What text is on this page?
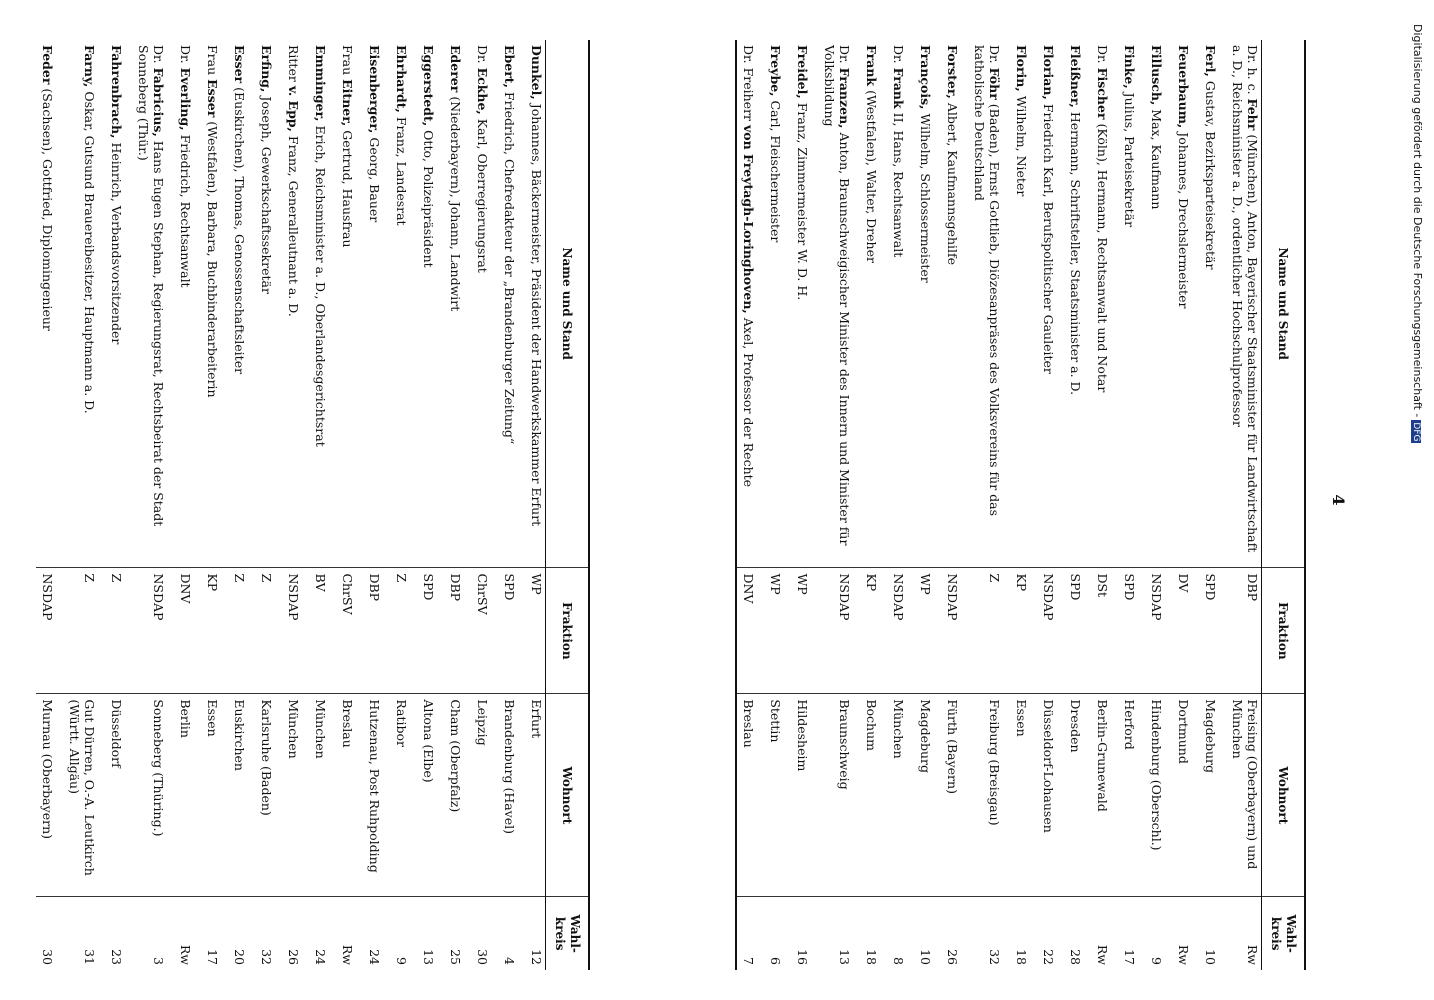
Digitalisierung gefördert durch die Deutsche Forschungsgemeinschaft -DFG
4
Name und Stand	Fraktion	Wohnort	Wahl-kreis
Dr. h. c. Fehr (München), Anton, Bayerischer Staatsminister für Landwirtschaft a. D., Reichsminister a. D., ordentlicher Hochschulprofessor	DBP	Freising (Oberbayern) und München	Rw
Ferl, Gustav, Bezirksparteisekretär	SPD	Magdeburg	10
Feuerbaum, Johannes, Drechslermeister	DV	Dortmund	Rw
Fillusch, Max, Kaufmann	NSDAP	Hindenburg (Oberschl.)	9
Finke, Julius, Parteisekretär	SPD	Herford	17
Dr. Fischer (Köln), Hermann, Rechtsanwalt und Notar	DSt	Berlin-Grunewald	Rw
Fleißner, Hermann, Schriftsteller, Staatsminister a. D.	SPD	Dresden	28
Florian, Friedrich Karl, Berufspolitischer Gauleiter	NSDAP	Düsseldorf-Lohausen	22
Florin, Wilhelm, Nieter	KP	Essen	18
Dr. Föhr (Baden), Ernst Gottlieb, Diözesanpräses des Volksvereins für das katholische Deutschland	Z	Freiburg (Breisgau)	32
Forster, Albert, Kaufmannsgehilfe	NSDAP	Fürth (Bayern)	26
François, Wilhelm, Schlossermeister	WP	Magdeburg	10
Dr. Frank II, Hans, Rechtsanwalt	NSDAP	München	8
Frank (Westfalen), Walter, Dreher	KP	Bochum	18
Dr. Franzen, Anton, Braunschweigischer Minister des Innern und Minister für Volksbildung	NSDAP	Braunschweig	13
Freidel, Franz, Zimmermeister W. D. H.	WP	Hildesheim	16
Freybe, Carl, Fleischermeister	WP	Stettin	6
Dr. Freiherr von Freytagh-Loringhoven, Axel, Professor der Rechte	DNV	Breslau	7
Name und Stand	Fraktion	Wohnort	Wahl-kreis
Dunkel, Johannes, Bäckermeister, Präsident der Handwerkskammer Erfurt	WP	Erfurt	12
Ebert, Friedrich, Chefredakteur der „Brandenburger Zeitung“	SPD	Brandenburg (Havel)	4
Dr. Eckhe, Karl, Oberregierungsrat	ChrSV	Leipzig	30
Ederer (Niederbayern), Johann, Landwirt	DBP	Cham (Oberpfalz)	25
Eggerstedt, Otto, Polizeipräsident	SPD	Altona (Elbe)	13
Ehrhardt, Franz, Landesrat	Z	Ratibor	9
Eisenberger, Georg, Bauer	DBP	Hutzenau, Post Ruhpolding	24
Frau Eitner, Gertrud, Hausfrau	ChrSV	Breslau	Rw
Emminger, Erich, Reichsminister a. D., Oberlandesgerichtsrat	BV	München	24
Ritter v. Epp, Franz, Generalleutnant a. D.	NSDAP	München	26
Erfing, Joseph, Gewerkschaftssekretär	Z	Karlsruhe (Baden)	32
Esser (Euskirchen), Thomas, Genossenschaftsleiter	Z	Euskirchen	20
Frau Esser (Westfalen), Barbara, Buchbinderarbeiterin	KP	Essen	17
Dr. Everling, Friedrich, Rechtsanwalt	DNV	Berlin	Rw
Dr. Fabricius, Hans Eugen Stephan, Regierungsrat, Rechtsbeirat der Stadt Sonneberg (Thür.)	NSDAP	Sonneberg (Thüring.)	3
Fahrenbrach, Heinrich, Verbandsvorsitzender	Z	Düsseldorf	23
Farny, Oskar, Gutsund Brauereibesitzer, Hauptmann a. D.	Z	Gut Dürren, O.-A. Leutkirch (Württ. Allgäu)	31
Feder (Sachsen), Gottfried, Diplomingenieur	NSDAP	Murnau (Oberbayern)	30
